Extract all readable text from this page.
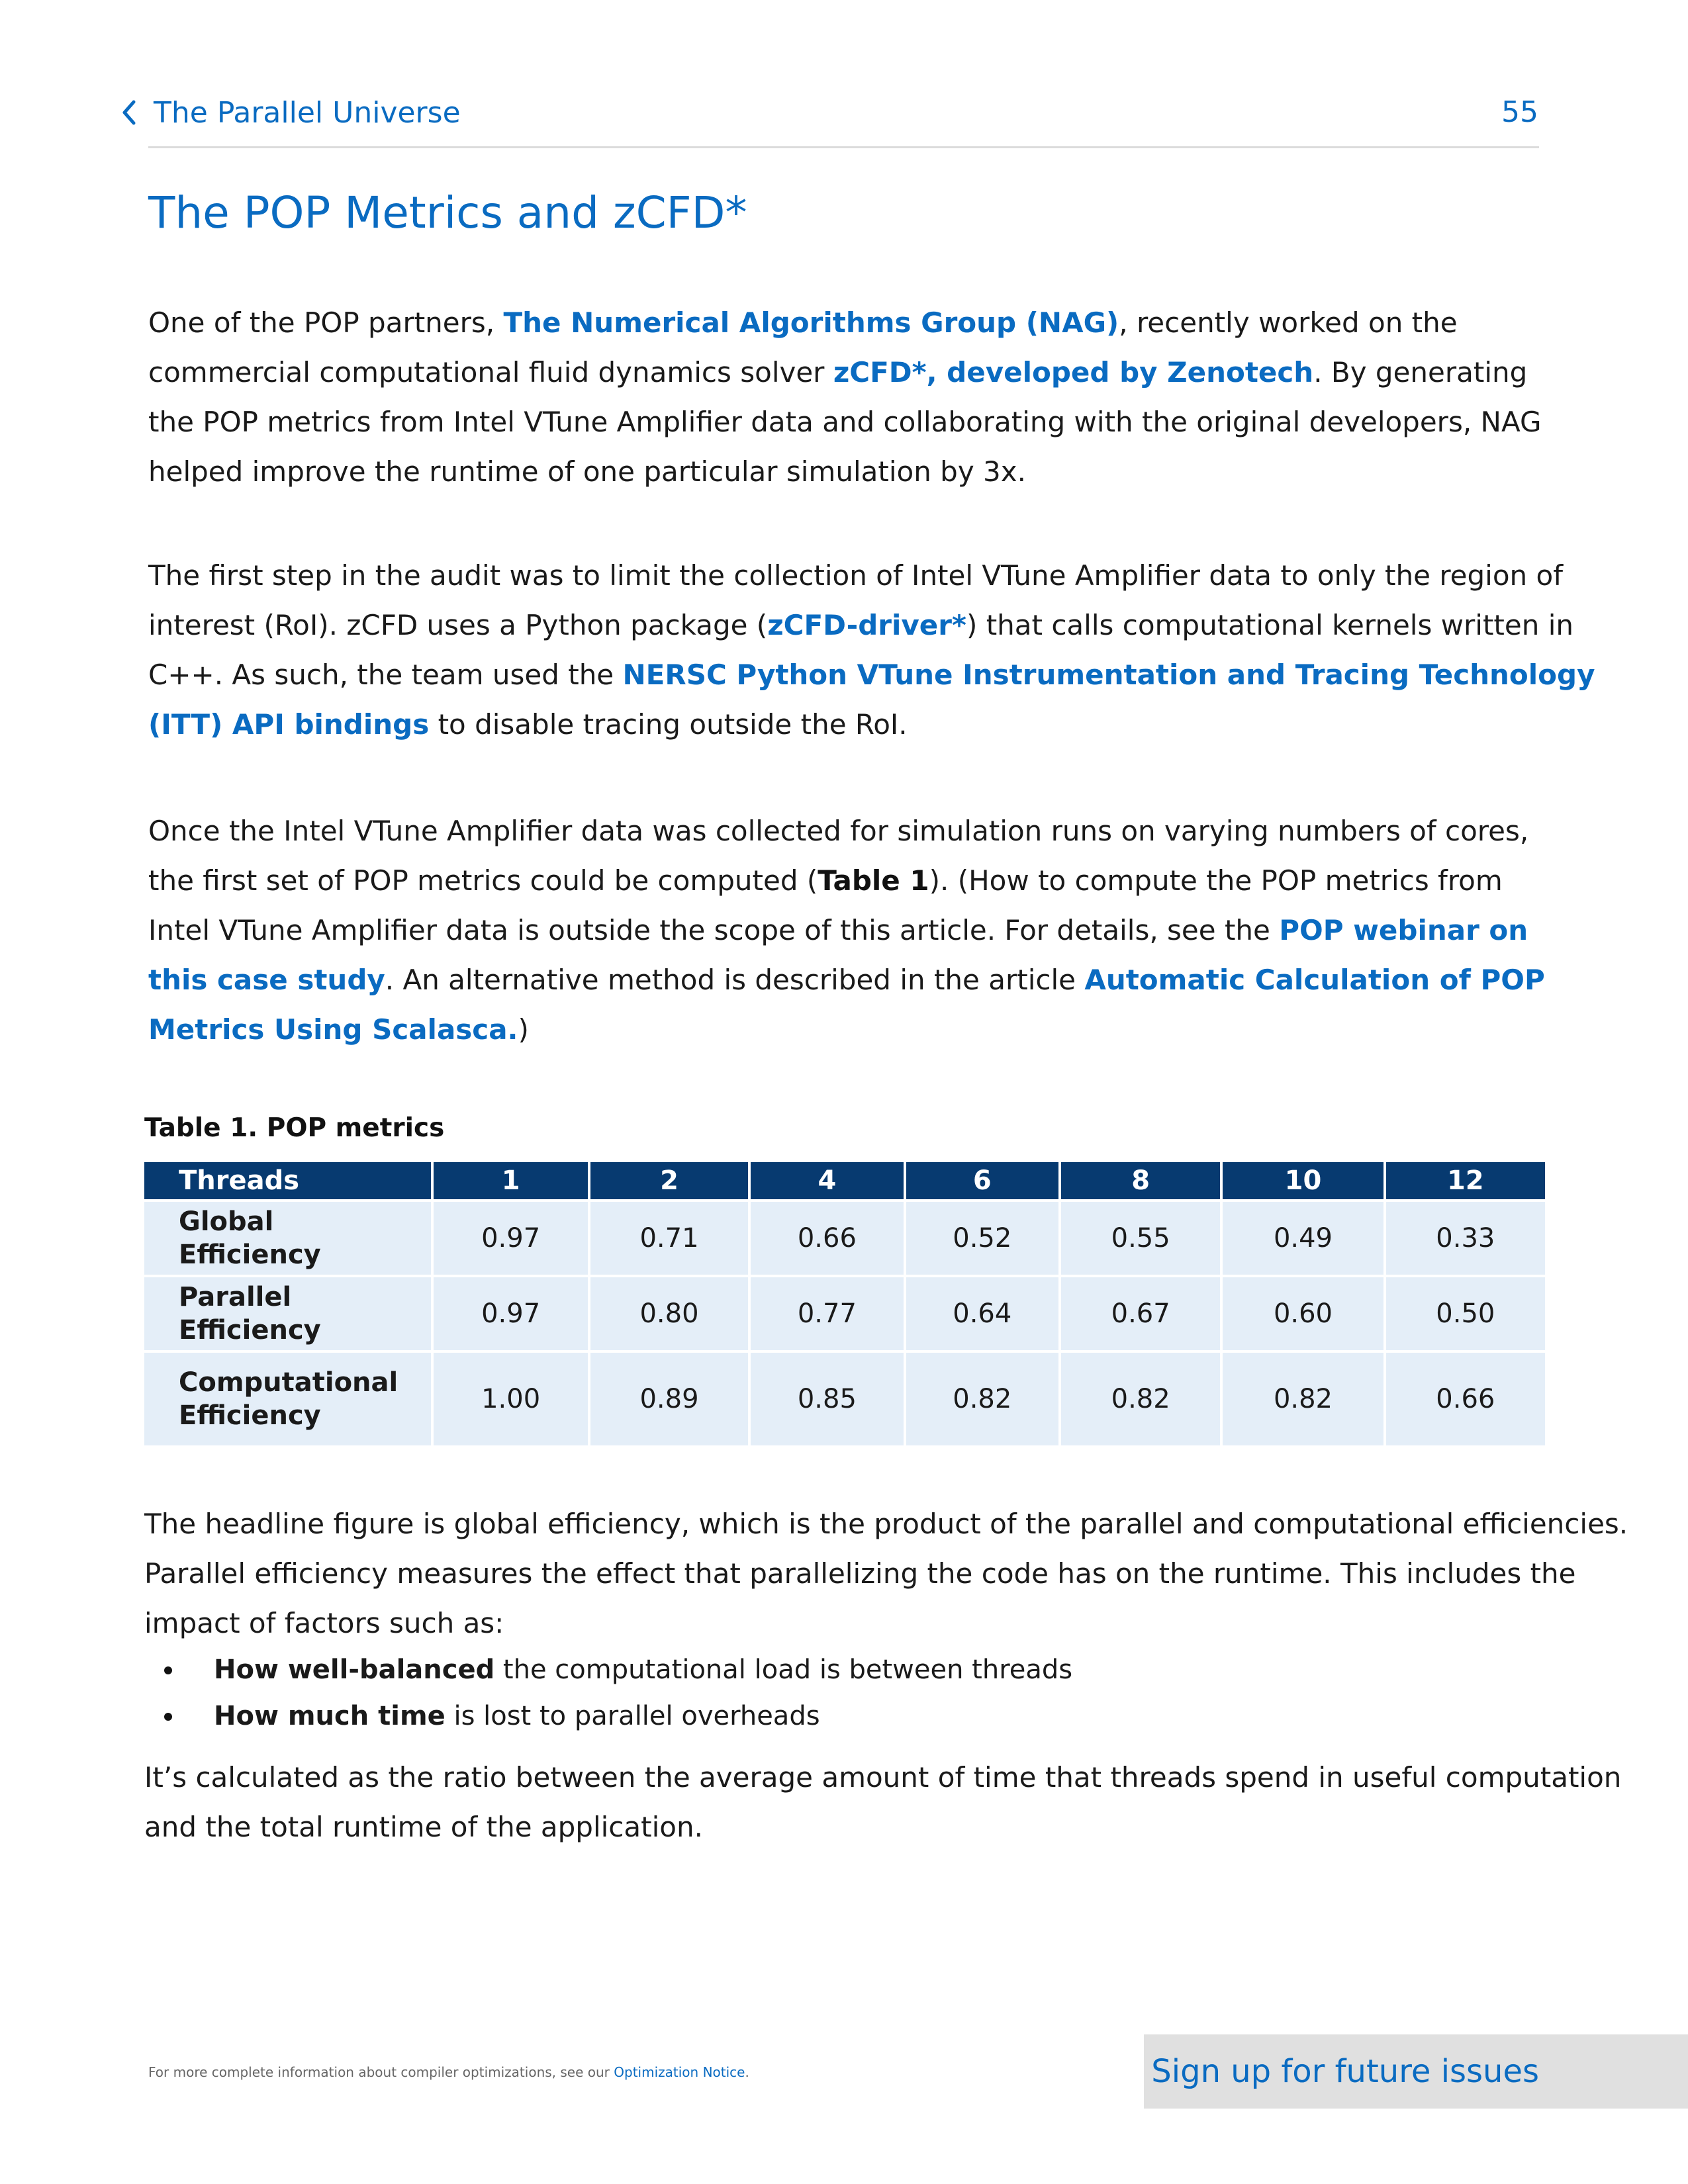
The Parallel Universe	55
The POP Metrics and zCFD*

One of the POP partners, The Numerical Algorithms Group (NAG), recently worked on the
commercial computational fluid dynamics solver zCFD*, developed by Zenotech. By generating
the POP metrics from Intel VTune Amplifier data and collaborating with the original developers, NAG
helped improve the runtime of one particular simulation by 3x.

The first step in the audit was to limit the collection of Intel VTune Amplifier data to only the region of
interest (RoI). zCFD uses a Python package (zCFD-driver*) that calls computational kernels written in
C++. As such, the team used the NERSC Python VTune Instrumentation and Tracing Technology
(ITT) API bindings to disable tracing outside the RoI.

Once the Intel VTune Amplifier data was collected for simulation runs on varying numbers of cores,
the first set of POP metrics could be computed (Table 1). (How to compute the POP metrics from
Intel VTune Amplifier data is outside the scope of this article. For details, see the POP webinar on
this case study. An alternative method is described in the article Automatic Calculation of POP
Metrics Using Scalasca.)

Table 1. POP metrics
Threads	1	2	4	6	8	10	12
Global
Efficiency	0.97	0.71	0.66	0.52	0.55	0.49	0.33
Parallel
Efficiency	0.97	0.80	0.77	0.64	0.67	0.60	0.50
Computational
Efficiency	1.00	0.89	0.85	0.82	0.82	0.82	0.66

The headline figure is global efficiency, which is the product of the parallel and computational efficiencies.
Parallel efficiency measures the effect that parallelizing the code has on the runtime. This includes the
impact of factors such as:

How well-balanced the computational load is between threads
How much time is lost to parallel overheads

It’s calculated as the ratio between the average amount of time that threads spend in useful computation
and the total runtime of the application.

For more complete information about compiler optimizations, see our Optimization Notice.	Sign up for future issues
